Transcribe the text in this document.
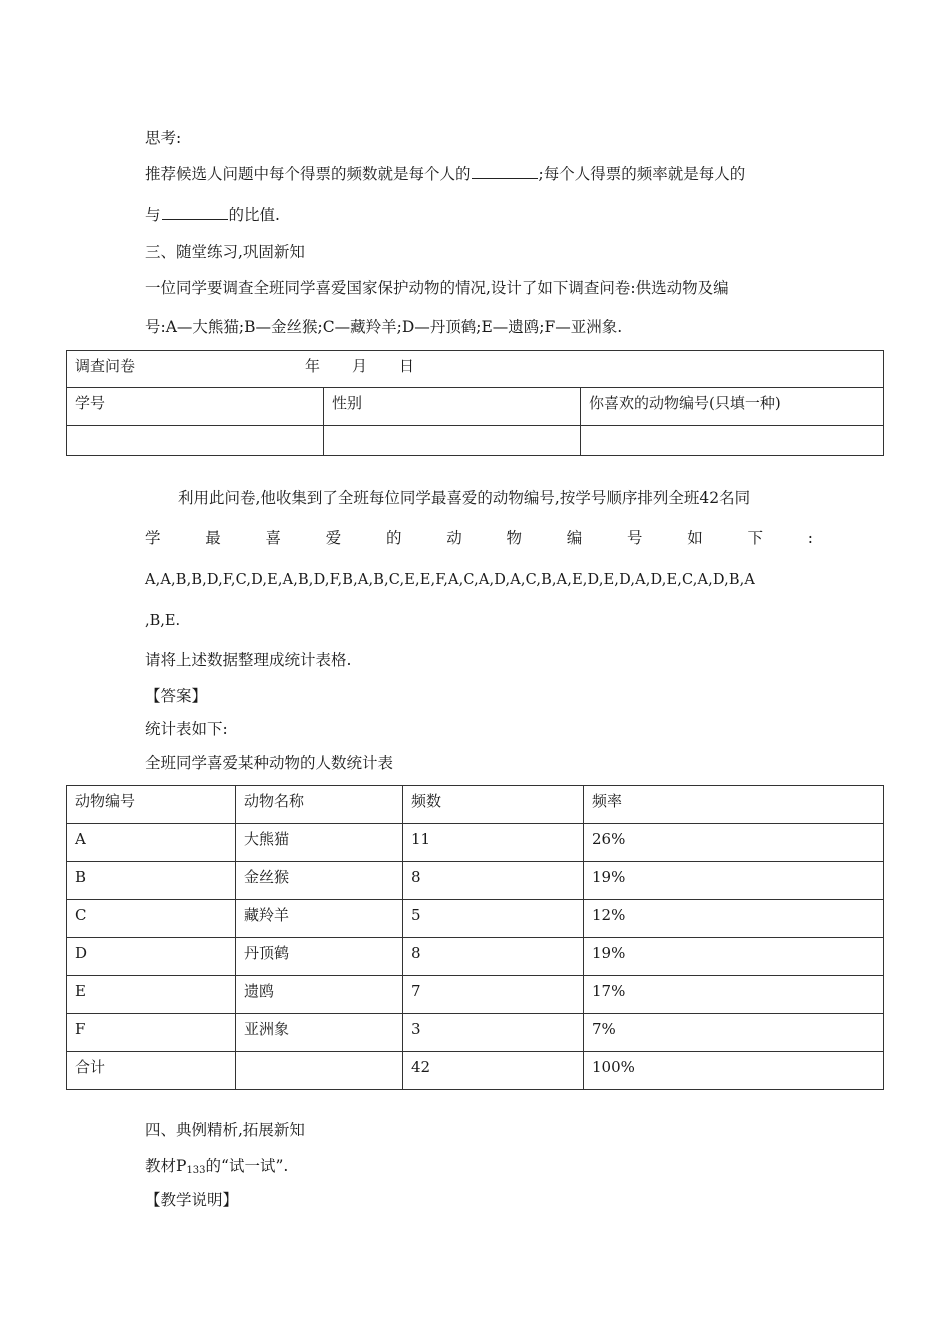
思考:
推荐候选人问题中每个得票的频数就是每个人的	;每个人得票的频率就是每人的
与	的比值.
三、随堂练习,巩固新知
一位同学要调查全班同学喜爱国家保护动物的情况,设计了如下调查问卷:供选动物及编
号:A—大熊猫;B—金丝猴;C—藏羚羊;D—丹顶鹤;E—遗鸥;F—亚洲象.
调查问卷 年 月 日		
学号	性别	你喜欢的动物编号(只填一种)

利用此问卷,他收集到了全班每位同学最喜爱的动物编号,按学号顺序排列全班42名同
学	最	喜	爱	的	动	物	编	号	如	下	:
A,A,B,B,D,F,C,D,E,A,B,D,F,B,A,B,C,E,E,F,A,C,A,D,A,C,B,A,E,D,E,D,A,D,E,C,A,D,B,A
,B,E.
请将上述数据整理成统计表格.
【答案】
统计表如下:
全班同学喜爱某种动物的人数统计表
动物编号	动物名称	频数	频率
A	大熊猫	11	26%
B	金丝猴	8	19%
C	藏羚羊	5	12%
D	丹顶鹤	8	19%
E	遗鸥	7	17%
F	亚洲象	3	7%
合计		42	100%
四、典例精析,拓展新知
教材$P_{133}$的“试一试”.
【教学说明】
